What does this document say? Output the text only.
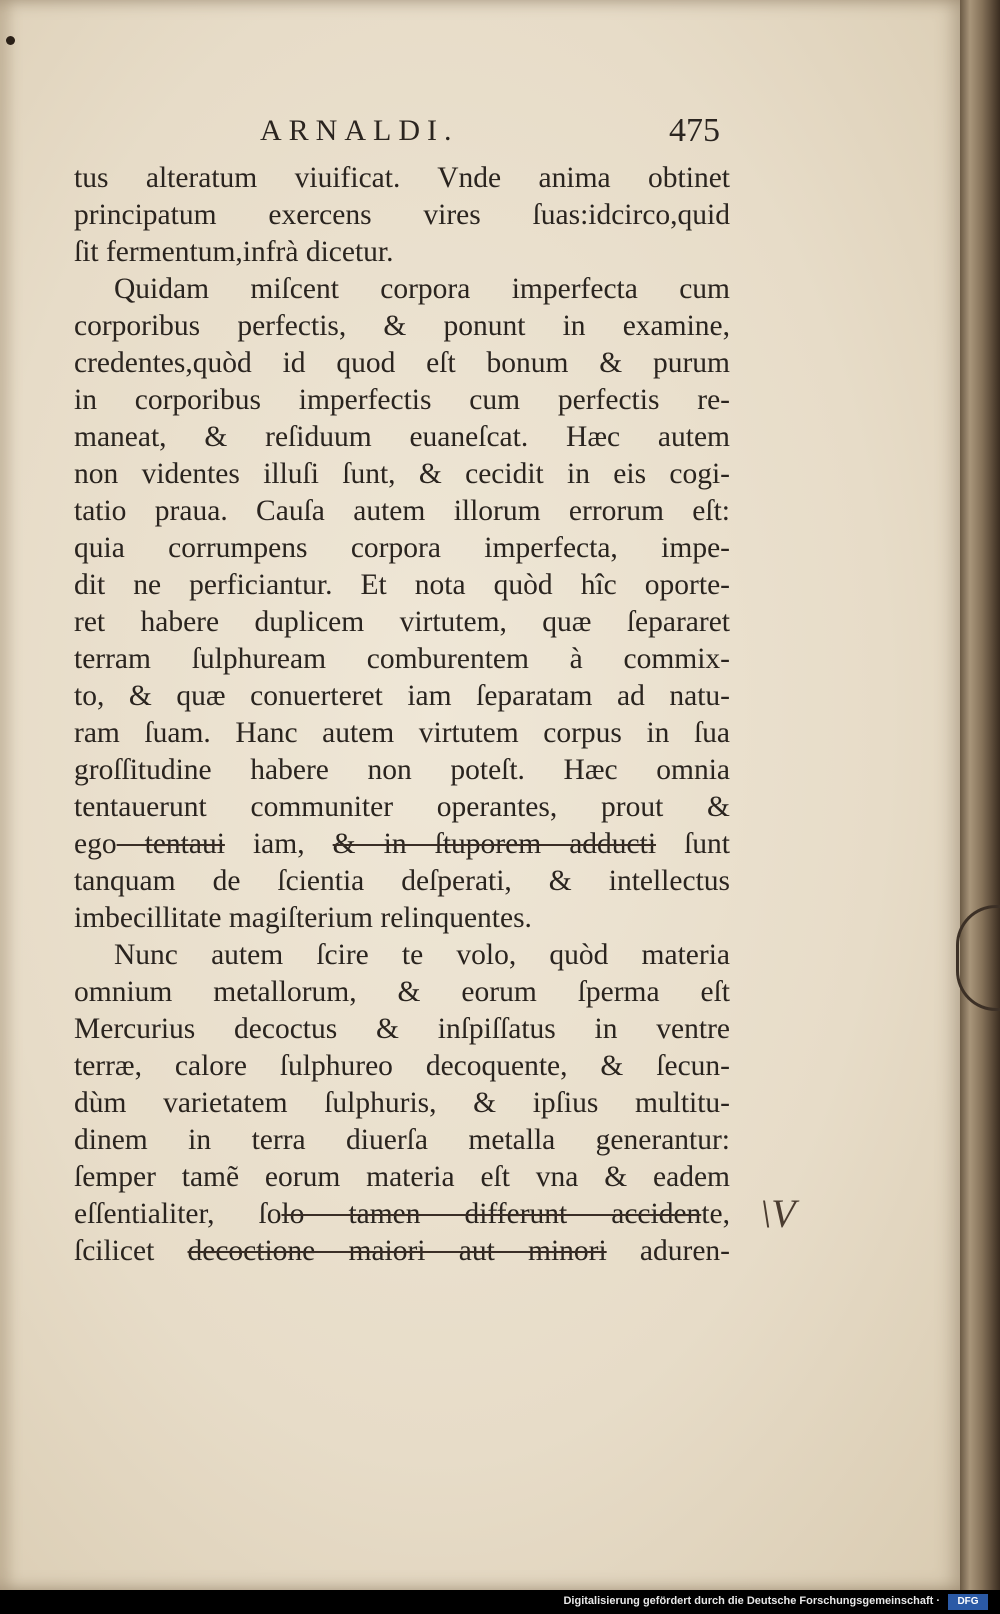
ARNALDI.	475
tus alteratum viuificat. Vnde anima obtinet
principatum exercens vires ſuas:idcirco,quid
ſit fermentum,infrà dicetur.
Quidam miſcent corpora imperfecta cum
corporibus perfectis, & ponunt in examine,
credentes,quòd id quod eſt bonum & purum
in corporibus imperfectis cum perfectis re-
maneat, & reſiduum euaneſcat. Hæc autem
non videntes illuſi ſunt, & cecidit in eis cogi-
tatio praua. Cauſa autem illorum errorum eſt:
quia corrumpens corpora imperfecta, impe-
dit ne perficiantur. Et nota quòd hîc oporte-
ret habere duplicem virtutem, quæ ſepararet
terram ſulphuream comburentem à commix-
to, & quæ conuerteret iam ſeparatam ad natu-
ram ſuam. Hanc autem virtutem corpus in ſua
groſſitudine habere non poteſt. Hæc omnia
tentauerunt communiter operantes, prout &
ego tentaui iam, & in ſtuporem adducti ſunt
tanquam de ſcientia deſperati, & intellectus
imbecillitate magiſterium relinquentes.
Nunc autem ſcire te volo, quòd materia
omnium metallorum, & eorum ſperma eſt
Mercurius decoctus & inſpiſſatus in ventre
terræ, calore ſulphureo decoquente, & ſecun-
dùm varietatem ſulphuris, & ipſius multitu-
dinem in terra diuerſa metalla generantur:
ſemper tamẽ eorum materia eſt vna & eadem
eſſentialiter, ſolo tamen differunt accidente,
ſcilicet decoctione maiori aut minori aduren-
\V
Digitalisierung gefördert durch die Deutsche Forschungsgemeinschaft ·	DFG
